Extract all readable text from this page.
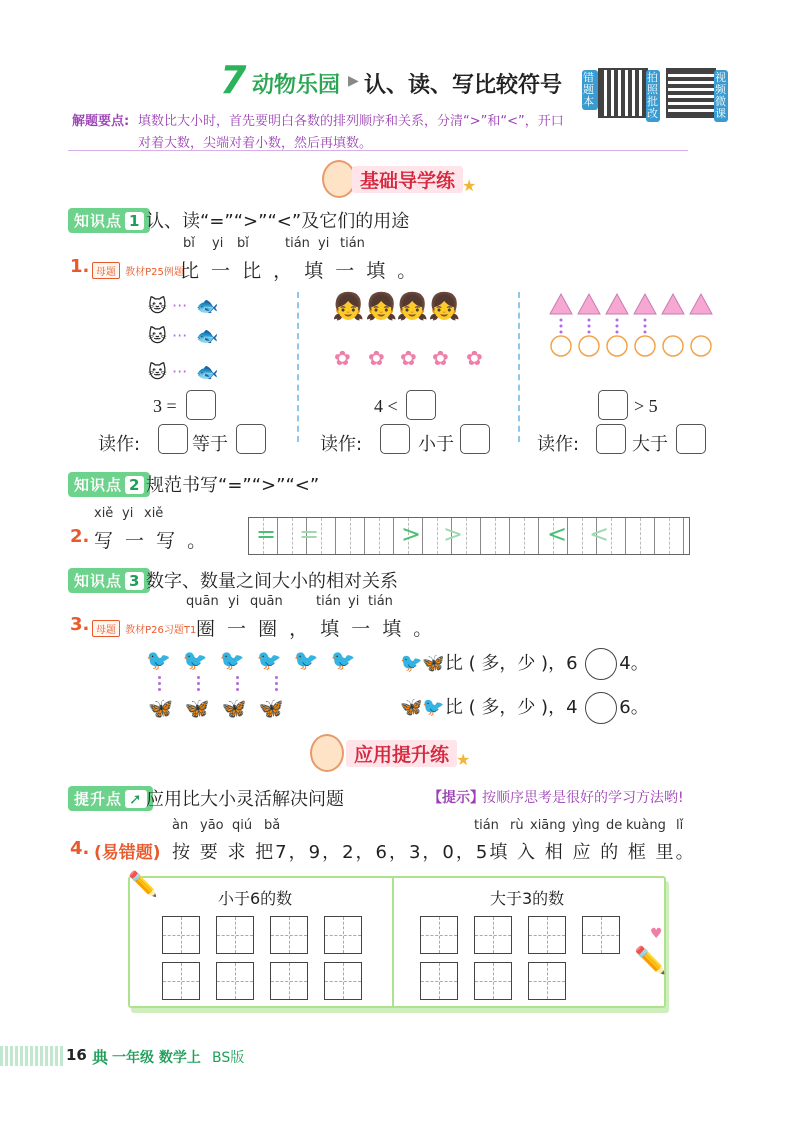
7 动物乐园 ▶ 认、读、写比较符号 错题本
拍照批改
视频微课
解题要点: 填数比大小时，首先要明白各数的排列顺序和关系，分清“>”和“<”，开口
对着大数，尖端对着小数，然后再填数。
基础导学练 ★
知识点 1 认、读“=”“>”“<”及它们的用途
bǐ yi bǐ	tián yi tián
1. 母题 教材P25例题
比 一 比 ， 填 一 填 。
🐱
🐱
🐱
···
···
···
🐟
🐟
🐟
3 =
读作:	等于
👧 👧
👧 👧
✿ ✿ ✿ ✿ ✿
4 <
读作:	小于
> 5
读作:	大于
知识点 2 规范书写“=”“>”“<”
xiě yi xiě
2. 写 一 写 。 = =	> >	< <
知识点 3 数字、数量之间大小的相对关系
quān yi quān	tián yi tián
3. 母题 教材P26习题T1 圈 一 圈 ， 填 一 填 。
🐦🐦🐦🐦🐦🐦
🦋🦋🦋🦋
🐦🦋比 ( 多，少 )，6 4。
🦋🐦比 ( 多，少 )，4 6。
应用提升练 ★
提升点 ➚ 应用比大小灵活解决问题	【提示】
按顺序思考是很好的学习方法哟!
àn yāo qiú bǎ	tián rù xiāng yìng de kuàng lǐ
4. (易错题) 按 要 求 把7，9，2，6，3，0，5填 入 相 应 的 框 里。
小于6的数	大于3的数
✏️
✏️
♥
16 典 一年级 数学上 BS版
